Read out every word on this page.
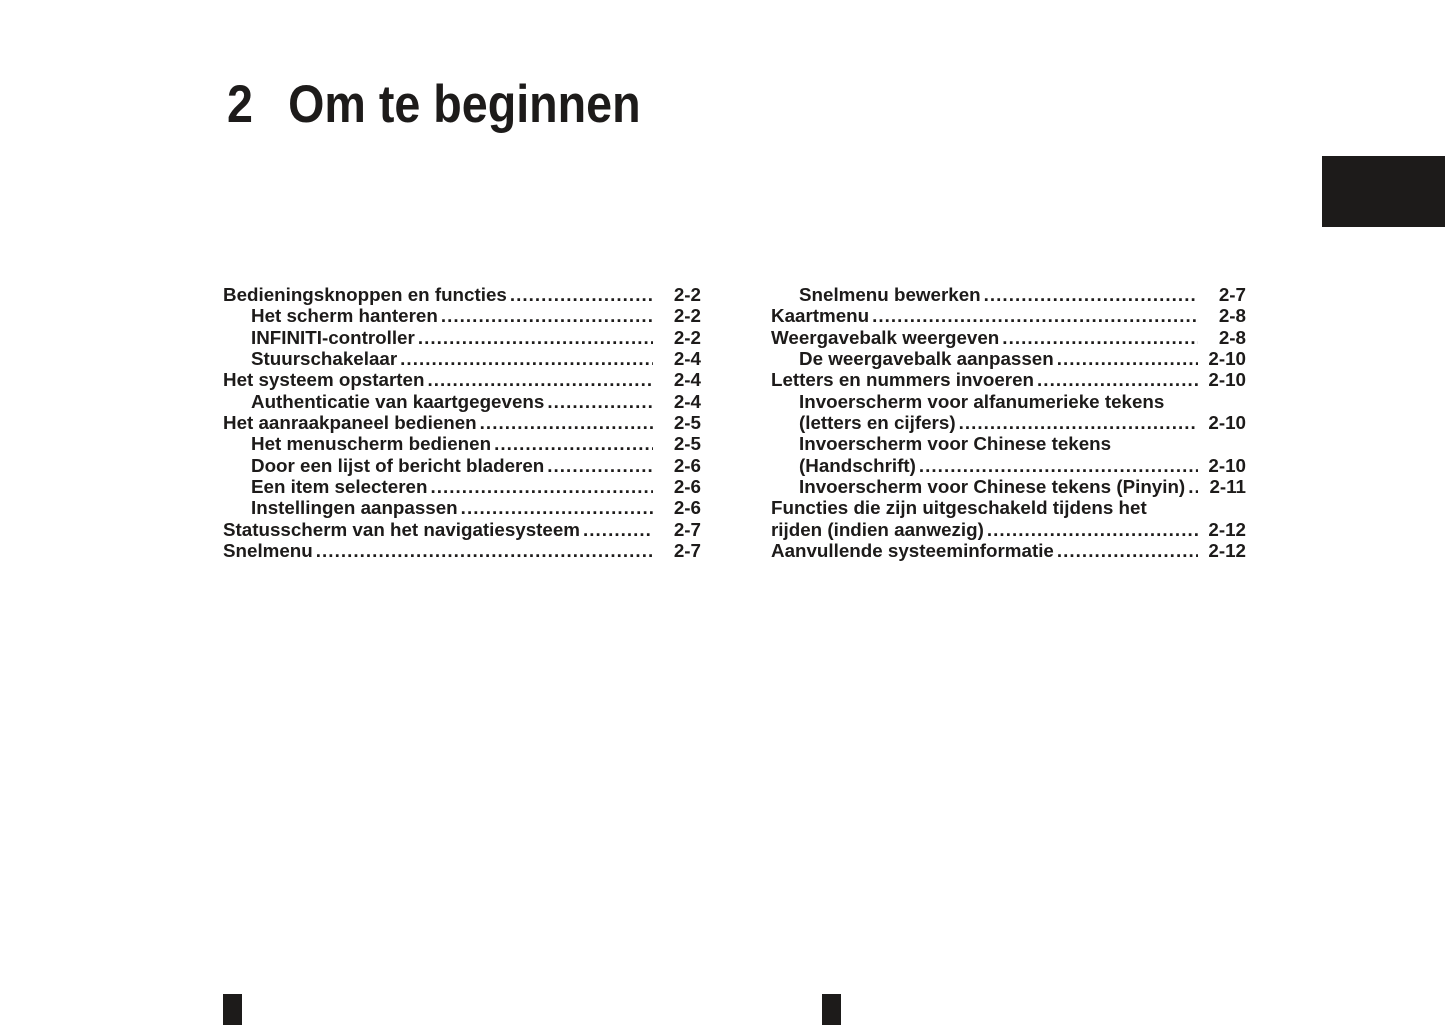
2 Om te beginnen
Bedieningsknoppen en functies .....	2-2
Het scherm hanteren .....	2-2
INFINITI-controller .....	2-2
Stuurschakelaar .....	2-4
Het systeem opstarten .....	2-4
Authenticatie van kaartgegevens .....	2-4
Het aanraakpaneel bedienen .....	2-5
Het menuscherm bedienen .....	2-5
Door een lijst of bericht bladeren .....	2-6
Een item selecteren .....	2-6
Instellingen aanpassen .....	2-6
Statusscherm van het navigatiesysteem .....	2-7
Snelmenu .....	2-7
Snelmenu bewerken .....	2-7
Kaartmenu .....	2-8
Weergavebalk weergeven .....	2-8
De weergavebalk aanpassen .....	2-10
Letters en nummers invoeren .....	2-10
Invoerscherm voor alfanumerieke tekens
(letters en cijfers) .....	2-10
Invoerscherm voor Chinese tekens
(Handschrift) .....	2-10
Invoerscherm voor Chinese tekens (Pinyin) ..... 2-11
Functies die zijn uitgeschakeld tijdens het
rijden (indien aanwezig) .....	2-12
Aanvullende systeeminformatie .....	2-12
